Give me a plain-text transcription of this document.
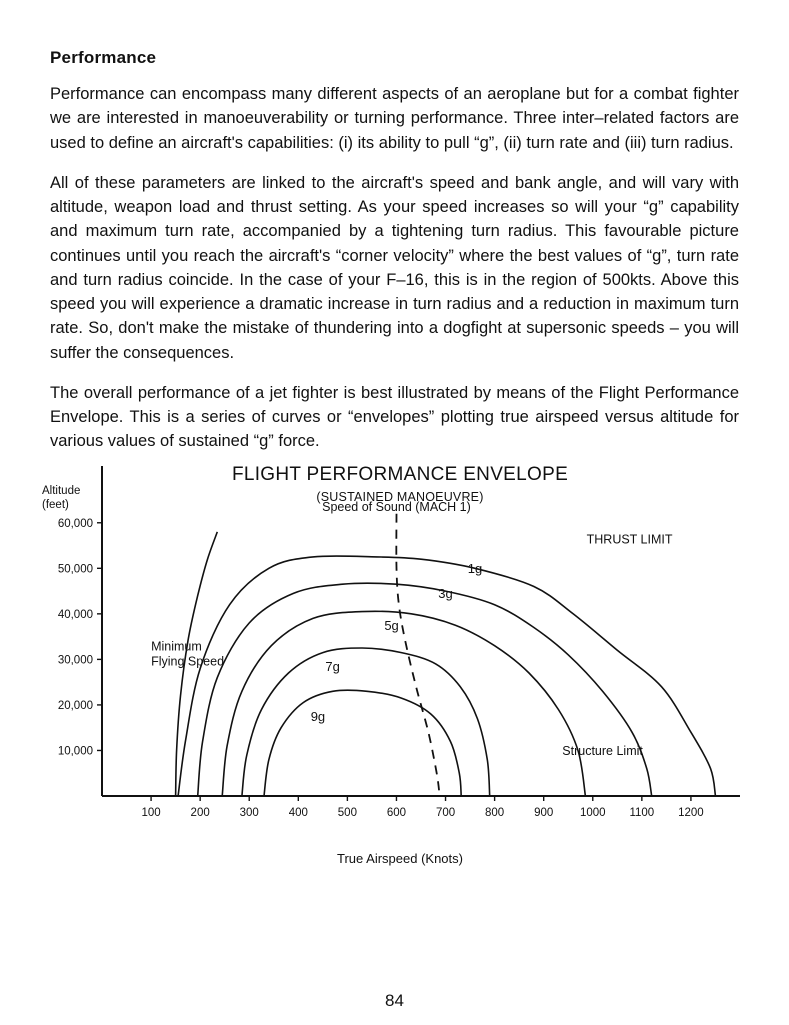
Performance

Performance can encompass many different aspects of an aeroplane but for a combat fighter we are interested in manoeuverability or turning performance. Three inter–related factors are used to define an aircraft's capabilities: (i) its ability to pull “g”, (ii) turn rate and (iii) turn radius.

All of these parameters are linked to the aircraft's speed and bank angle, and will vary with altitude, weapon load and thrust setting. As your speed increases so will your “g” capability and maximum turn rate, accompanied by a tightening turn radius. This favourable picture continues until you reach the aircraft's “corner velocity” where the best values of “g”, turn rate and turn radius coincide. In the case of your F–16, this is in the region of 500kts. Above this speed you will experience a dramatic increase in turn radius and a reduction in maximum turn rate. So, don't make the mistake of thundering into a dogfight at supersonic speeds – you will suffer the consequences.

The overall performance of a jet fighter is best illustrated by means of the Flight Performance Envelope. This is a series of curves or “envelopes” plotting true airspeed versus altitude for various values of sustained “g” force.

FLIGHT PERFORMANCE ENVELOPE
(SUSTAINED MANOEUVRE)
Altitude
(feet)
100	200	300	400	500	600	700	800	900 1000 1100 1200
10,000
20,000
30,000
40,000
50,000
60,000
1g
3g
5g
7g
9g
Speed of Sound (MACH 1)
THRUST LIMIT
Structure Limit
Minimum
Flying Speed
True Airspeed (Knots)
84
